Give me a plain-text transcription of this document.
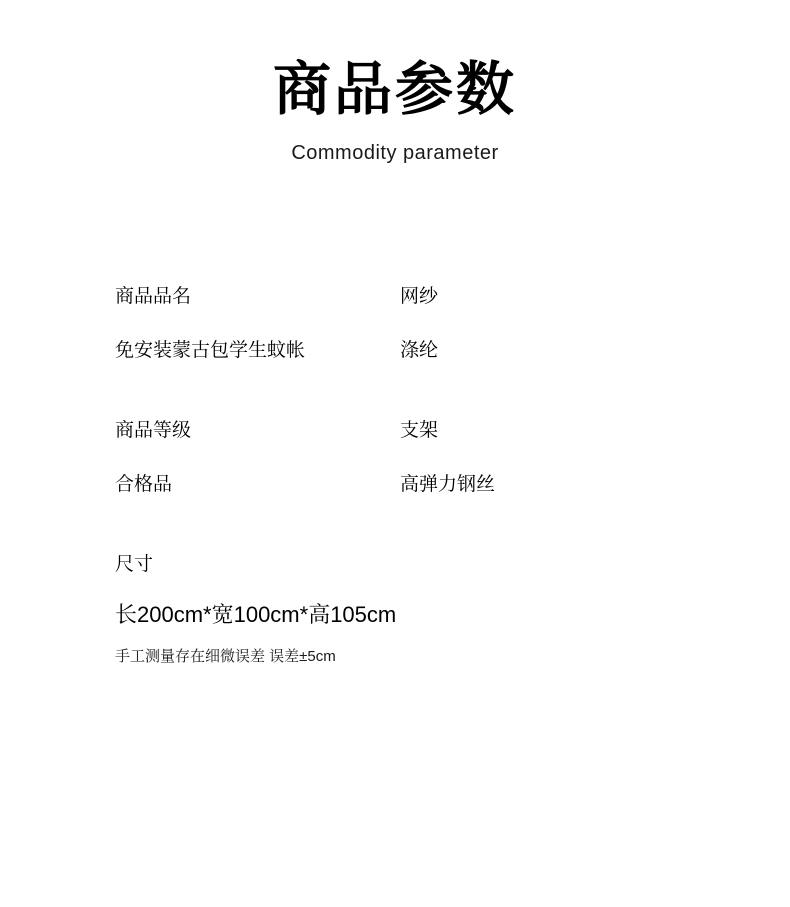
商品参数
Commodity parameter
商品品名	网纱
免安装蒙古包学生蚊帐	涤纶
商品等级	支架
合格品	高弹力钢丝
尺寸
长200cm*宽100cm*高105cm
手工测量存在细微误差 误差±5cm
